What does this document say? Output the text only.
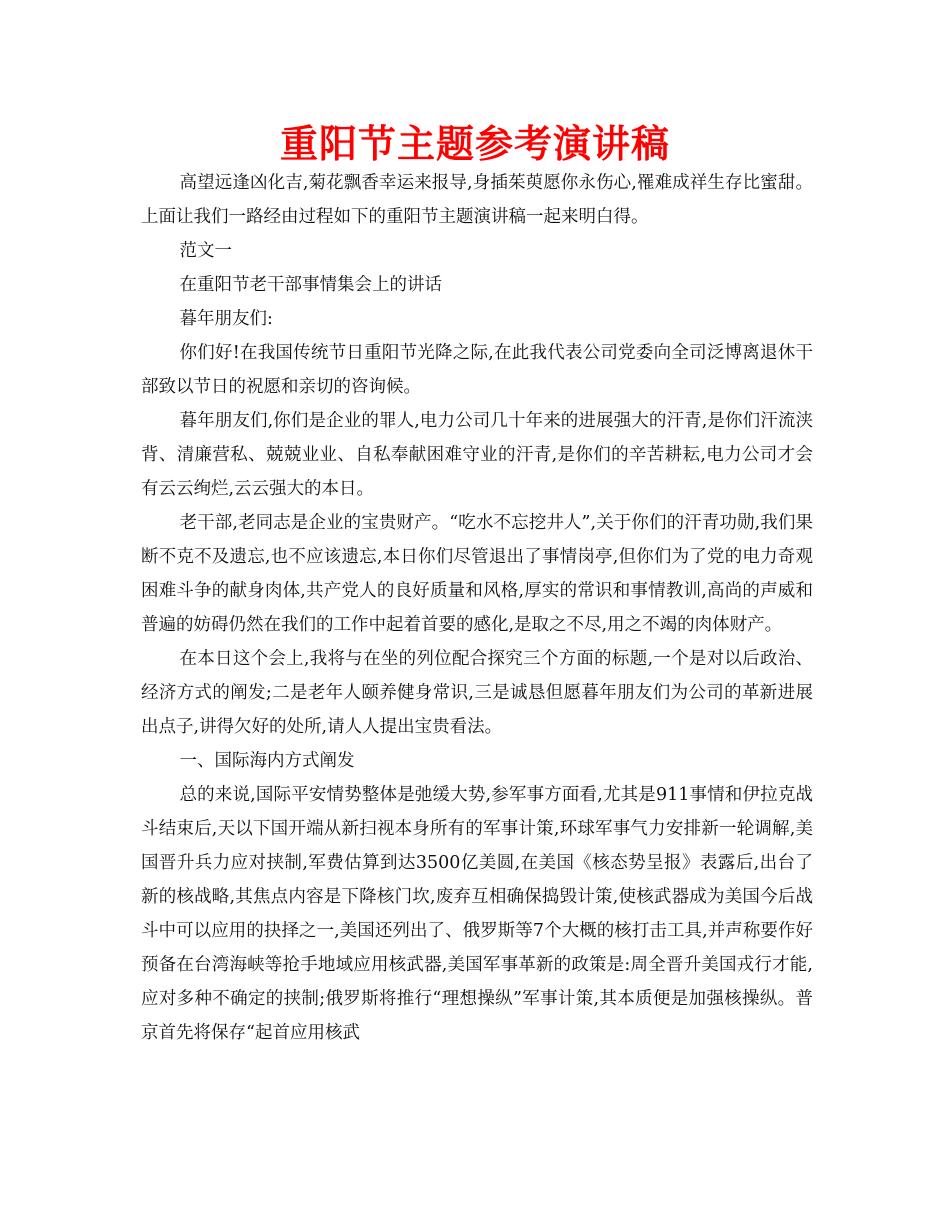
重阳节主题参考演讲稿

高望远逢凶化吉,菊花飘香幸运来报导,身插茱萸愿你永伤心,罹难成祥生存比蜜甜。上面让我们一路经由过程如下的重阳节主题演讲稿一起来明白得。

范文一

在重阳节老干部事情集会上的讲话

暮年朋友们:

你们好!在我国传统节日重阳节光降之际,在此我代表公司党委向全司泛博离退休干部致以节日的祝愿和亲切的咨询候。

暮年朋友们,你们是企业的罪人,电力公司几十年来的进展强大的汗青,是你们汗流浃背、清廉营私、兢兢业业、自私奉献困难守业的汗青,是你们的辛苦耕耘,电力公司才会有云云绚烂,云云强大的本日。

老干部,老同志是企业的宝贵财产。“吃水不忘挖井人”,关于你们的汗青功勋,我们果断不克不及遗忘,也不应该遗忘,本日你们尽管退出了事情岗亭,但你们为了党的电力奇观困难斗争的献身肉体,共产党人的良好质量和风格,厚实的常识和事情教训,高尚的声威和普遍的妨碍仍然在我们的工作中起着首要的感化,是取之不尽,用之不竭的肉体财产。

在本日这个会上,我将与在坐的列位配合探究三个方面的标题,一个是对以后政治、经济方式的阐发;二是老年人颐养健身常识,三是诚恳但愿暮年朋友们为公司的革新进展出点子,讲得欠好的处所,请人人提出宝贵看法。

一、国际海内方式阐发

总的来说,国际平安情势整体是弛缓大势,参军事方面看,尤其是911事情和伊拉克战斗结束后,天以下国开端从新扫视本身所有的军事计策,环球军事气力安排新一轮调解,美国晋升兵力应对挟制,军费估算到达3500亿美圆,在美国《核态势呈报》表露后,出台了新的核战略,其焦点内容是下降核门坎,废弃互相确保捣毁计策,使核武器成为美国今后战斗中可以应用的抉择之一,美国还列出了、俄罗斯等7个大概的核打击工具,并声称要作好预备在台湾海峡等抢手地域应用核武器,美国军事革新的政策是:周全晋升美国戎行才能,应对多种不确定的挟制;俄罗斯将推行“理想操纵”军事计策,其本质便是加强核操纵。普京首先将保存“起首应用核武
